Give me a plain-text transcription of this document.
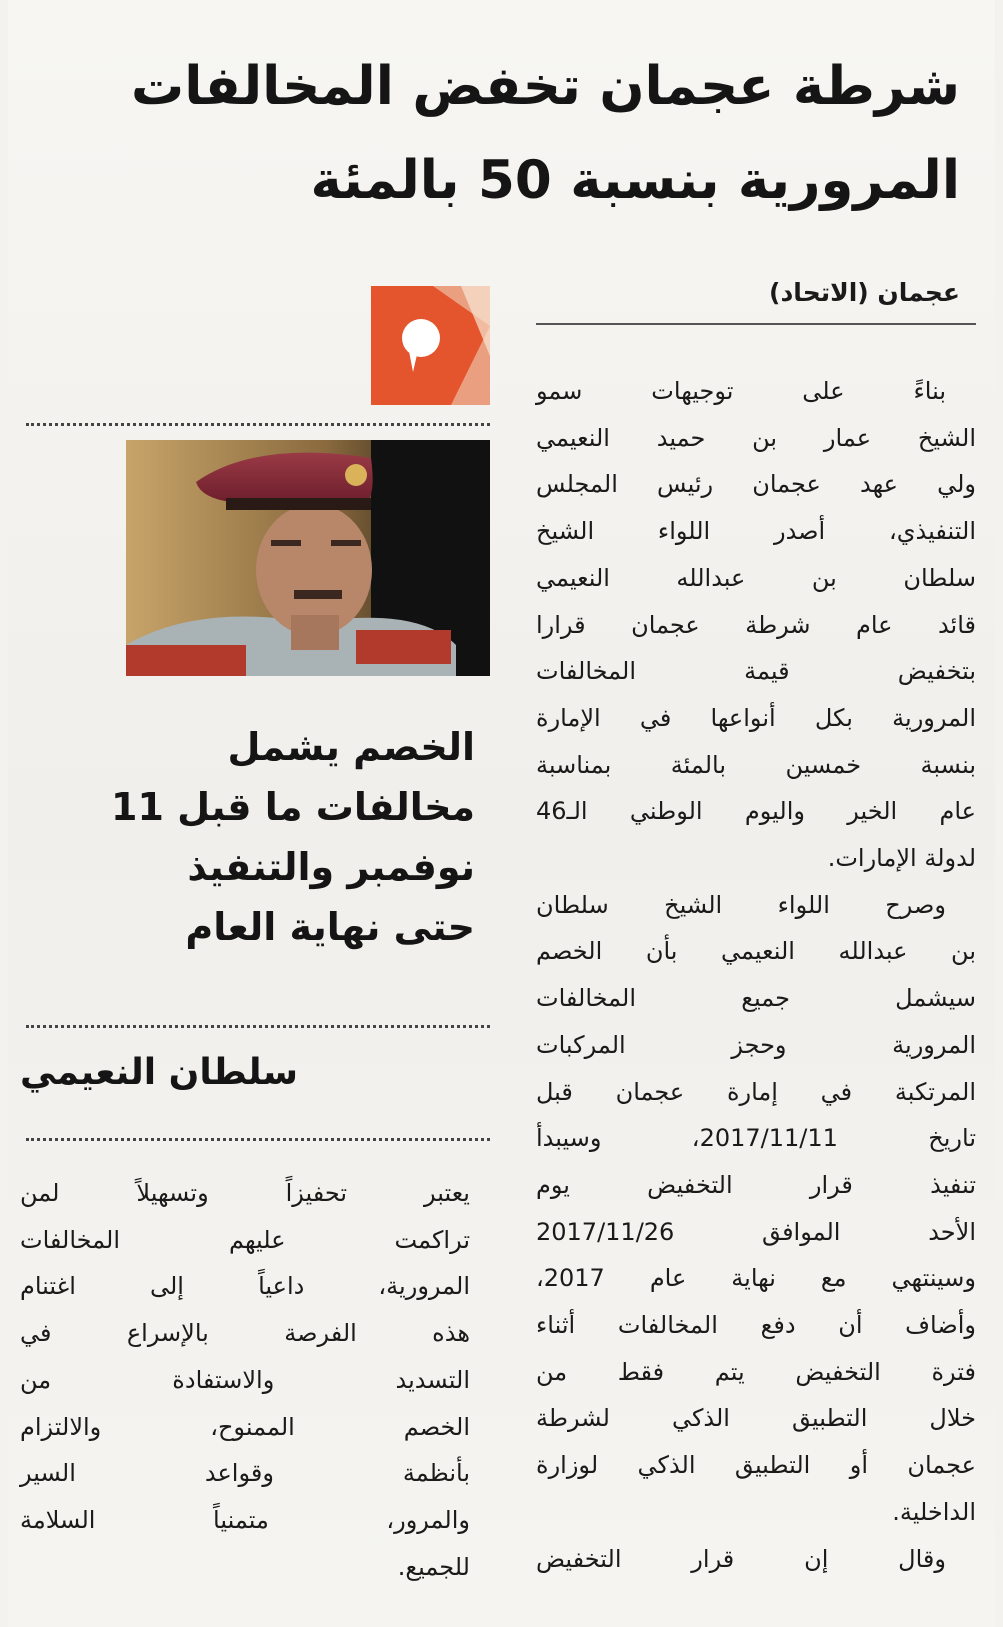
شرطة عجمان تخفض المخالفات
المرورية بنسبة 50 بالمئة
عجمان (الاتحاد)
الخصم يشمل
مخالفات ما قبل 11
نوفمبر والتنفيذ
حتى نهاية العام
سلطان النعيمي

بناءً على توجيهات سمو

الشيخ عمار بن حميد النعيمي
ولي عهد عجمان رئيس المجلس
التنفيذي، أصدر اللواء الشيخ
سلطان بن عبدالله النعيمي
قائد عام شرطة عجمان قرارا
بتخفيض قيمة المخالفات
المرورية بكل أنواعها في الإمارة
بنسبة خمسين بالمئة بمناسبة
عام الخير واليوم الوطني الـ46
لدولة الإمارات.

وصرح اللواء الشيخ سلطان

بن عبدالله النعيمي بأن الخصم
سيشمل جميع المخالفات
المرورية وحجز المركبات
المرتكبة في إمارة عجمان قبل
تاريخ 2017/11/11، وسيبدأ
تنفيذ قرار التخفيض يوم
الأحد الموافق 2017/11/26
وسينتهي مع نهاية عام 2017،
وأضاف أن دفع المخالفات أثناء
فترة التخفيض يتم فقط من
خلال التطبيق الذكي لشرطة
عجمان أو التطبيق الذكي لوزارة
الداخلية.

وقال إن قرار التخفيض

يعتبر تحفيزاً وتسهيلاً لمن
تراكمت عليهم المخالفات
المرورية، داعياً إلى اغتنام
هذه الفرصة بالإسراع في
التسديد والاستفادة من
الخصم الممنوح، والالتزام
بأنظمة وقواعد السير
والمرور، متمنياً السلامة
للجميع.
